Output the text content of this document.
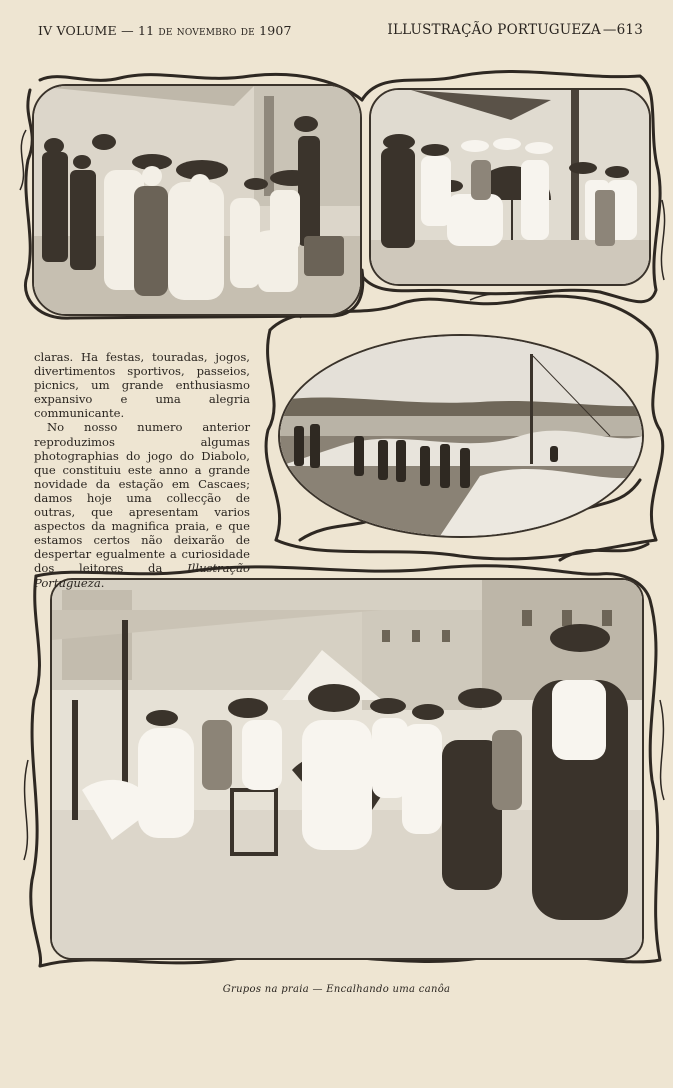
IV VOLUME — 11 de novembro de 1907	ILLUSTRAÇÃO PORTUGUEZA —613

claras. Ha festas, touradas, jogos, divertimentos sportivos, passeios, picnics, um grande enthusiasmo expansivo e uma alegria communicante.

No nosso numero anterior reproduzimos algumas photographias do jogo do Diabolo, que constituiu este anno a grande novidade da estação em Cascaes; damos hoje uma collecção de outras, que apresentam varios aspectos da magnifica praia, e que estamos certos não deixarão de despertar egualmente a curiosidade dos leitores da Illustração Portugueza.

Grupos na praia — Encalhando uma canôa
